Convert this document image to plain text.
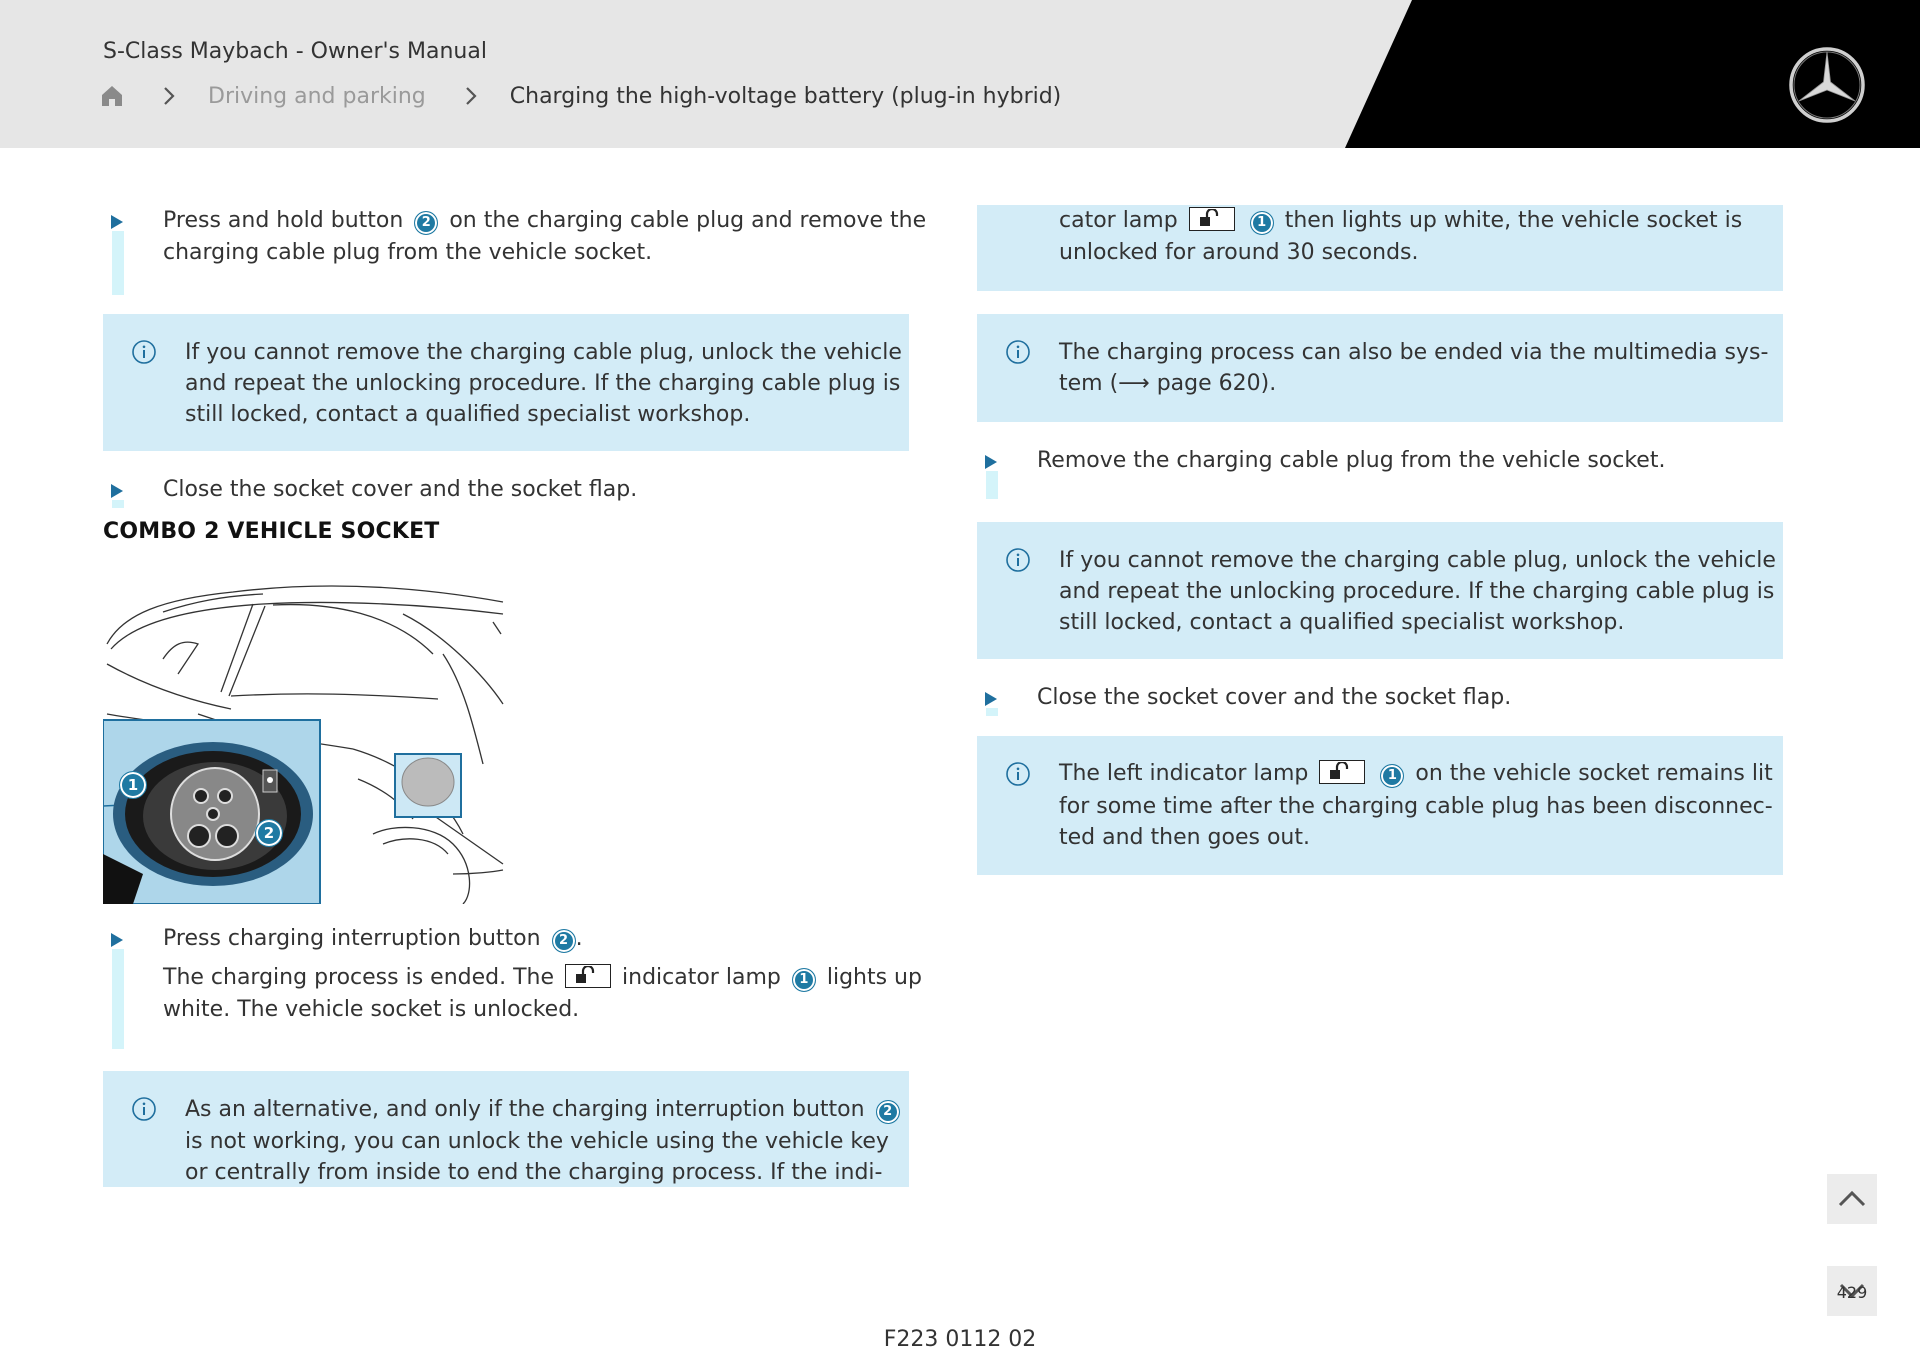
S-Class Maybach - Owner's Manual
Driving and parking	Charging the high-voltage battery (plug-in hybrid)
Press and hold button 2 on the charging cable plug and remove the
charging cable plug from the vehicle socket.
If you cannot remove the charging cable plug, unlock the vehicle
and repeat the unlocking procedure. If the charging cable plug is
still locked, contact a qualified specialist workshop.
Close the socket cover and the socket flap.
COMBO 2 VEHICLE SOCKET
1
2
Press charging interruption button 2 .
The charging process is ended. The	indicator lamp 1 lights up
white. The vehicle socket is unlocked.
As an alternative, and only if the charging interruption button 2
is not working, you can unlock the vehicle using the vehicle key
or centrally from inside to end the charging process. If the indi-
cator lamp	1 then lights up white, the vehicle socket is
unlocked for around 30 seconds.
The charging process can also be ended via the multimedia sys-
tem (⟶ page 620).
Remove the charging cable plug from the vehicle socket.
If you cannot remove the charging cable plug, unlock the vehicle
and repeat the unlocking procedure. If the charging cable plug is
still locked, contact a qualified specialist workshop.
Close the socket cover and the socket flap.
The left indicator lamp	1 on the vehicle socket remains lit
for some time after the charging cable plug has been disconnec-
ted and then goes out.
F223 0112 02
429
